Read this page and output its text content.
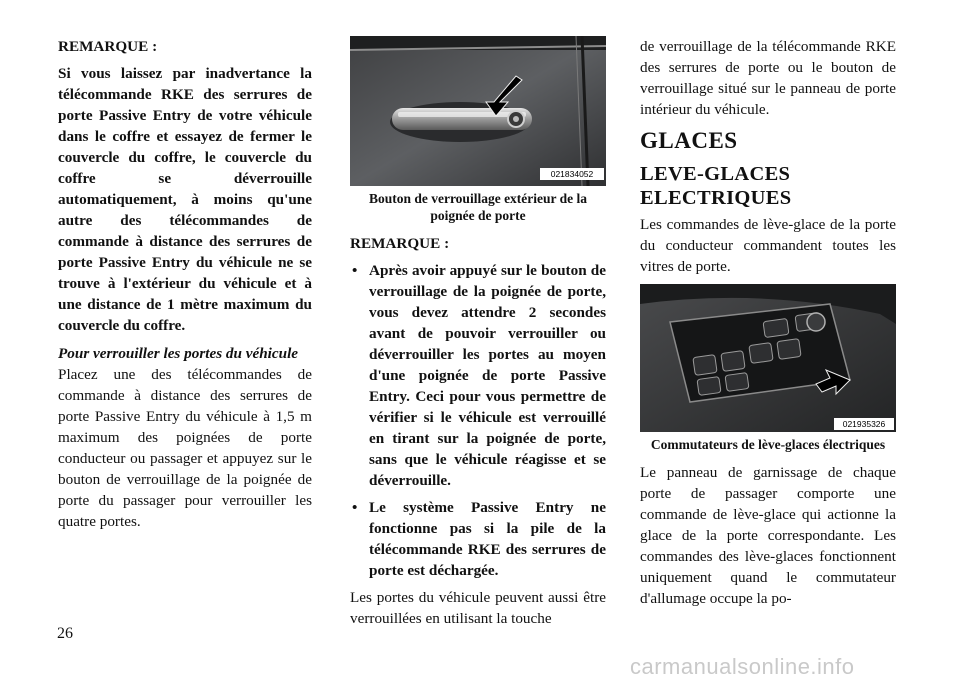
REMARQUE :

Si vous laissez par inadvertance la télécommande RKE des serrures de porte Passive Entry de votre véhicule dans le coffre et essayez de fermer le couvercle du coffre, le couvercle du coffre se déverrouille automatiquement, à moins qu'une autre des télécommandes de commande à distance des serrures de porte Passive Entry du véhicule ne se trouve à l'extérieur du véhicule et à une distance de 1 mètre maximum du couvercle du coffre.

Pour verrouiller les portes du véhicule

Placez une des télécommandes de commande à distance des serrures de porte Passive Entry du véhicule à 1,5 m maximum des poignées de porte conducteur ou passager et appuyez sur le bouton de verrouillage de la poignée de porte du passager pour verrouiller les quatre portes.

021834052

Bouton de verrouillage extérieur de la poignée de porte

REMARQUE :

• Après avoir appuyé sur le bouton de verrouillage de la poignée de porte, vous devez attendre 2 secondes avant de pouvoir verrouiller ou déverrouiller les portes au moyen d'une poignée de porte Passive Entry. Ceci pour vous permettre de vérifier si le véhicule est verrouillé en tirant sur la poignée de porte, sans que le véhicule réagisse et se déverrouille.
• Le système Passive Entry ne fonctionne pas si la pile de la télécommande RKE des serrures de porte est déchargée.

Les portes du véhicule peuvent aussi être verrouillées en utilisant la touche

de verrouillage de la télécommande RKE des serrures de porte ou le bouton de verrouillage situé sur le panneau de porte intérieur du véhicule.

GLACES

LEVE-GLACES ELECTRIQUES

Les commandes de lève-glace de la porte du conducteur commandent toutes les vitres de porte.

021935326

Commutateurs de lève-glaces électriques

Le panneau de garnissage de chaque porte de passager comporte une commande de lève-glace qui actionne la glace de la porte correspondante. Les commandes des lève-glaces fonctionnent uniquement quand le commutateur d'allumage occupe la po-

26
carmanualsonline.info
